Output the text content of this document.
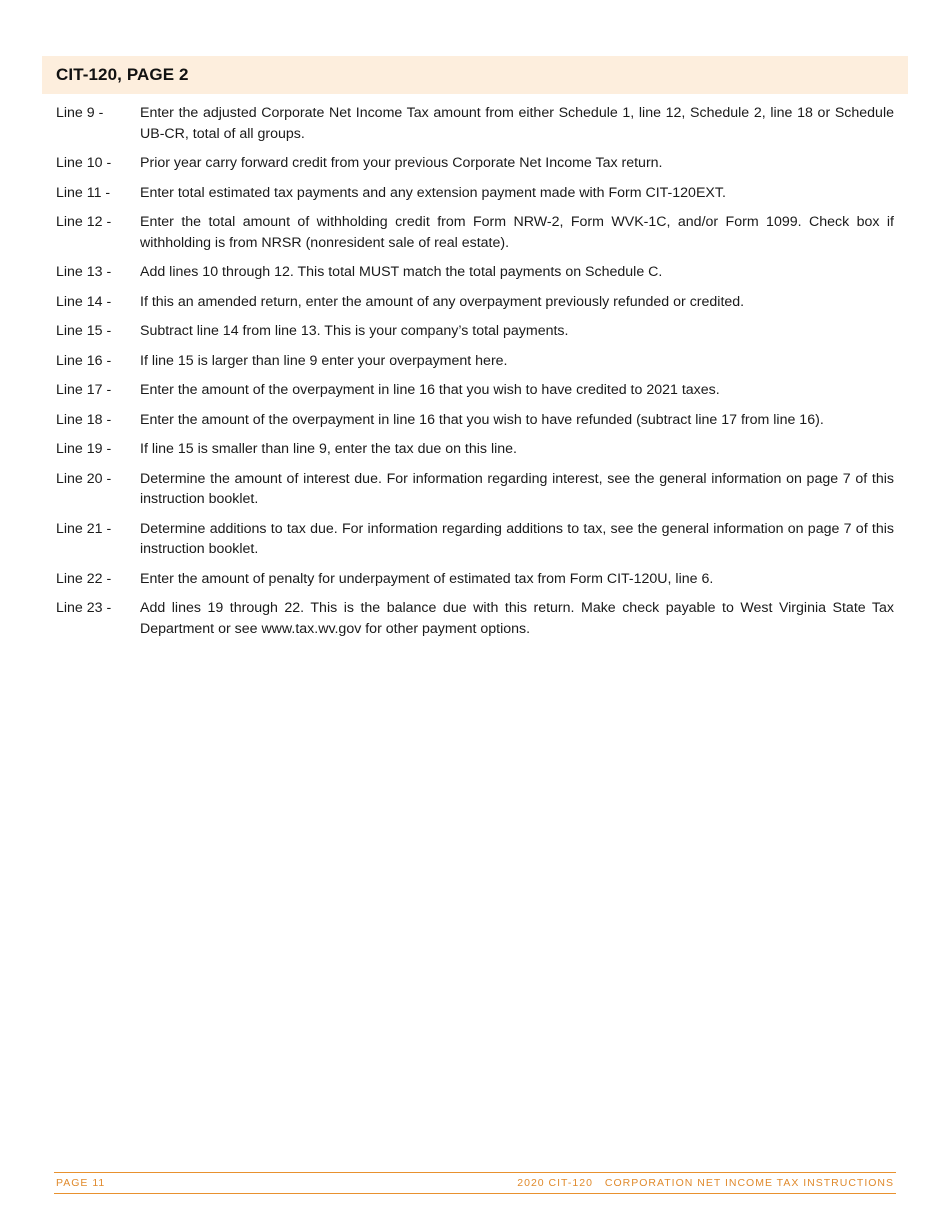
CIT-120, PAGE 2
Line 9 -	Enter the adjusted Corporate Net Income Tax amount from either Schedule 1, line 12, Schedule 2, line 18 or Schedule UB-CR, total of all groups.
Line 10 -	Prior year carry forward credit from your previous Corporate Net Income Tax return.
Line 11 -	Enter total estimated tax payments and any extension payment made with Form CIT-120EXT.
Line 12 -	Enter the total amount of withholding credit from Form NRW-2, Form WVK-1C, and/or Form 1099. Check box if withholding is from NRSR (nonresident sale of real estate).
Line 13 -	Add lines 10 through 12. This total MUST match the total payments on Schedule C.
Line 14 -	If this an amended return, enter the amount of any overpayment previously refunded or credited.
Line 15 -	Subtract line 14 from line 13. This is your company’s total payments.
Line 16 -	If line 15 is larger than line 9 enter your overpayment here.
Line 17 -	Enter the amount of the overpayment in line 16 that you wish to have credited to 2021 taxes.
Line 18 -	Enter the amount of the overpayment in line 16 that you wish to have refunded (subtract line 17 from line 16).
Line 19 -	If line 15 is smaller than line 9, enter the tax due on this line.
Line 20 -	Determine the amount of interest due. For information regarding interest, see the general information on page 7 of this instruction booklet.
Line 21 -	Determine additions to tax due. For information regarding additions to tax, see the general information on page 7 of this instruction booklet.
Line 22 -	Enter the amount of penalty for underpayment of estimated tax from Form CIT-120U, line 6.
Line 23 -	Add lines 19 through 22. This is the balance due with this return. Make check payable to West Virginia State Tax Department or see www.tax.wv.gov for other payment options.
PAGE 11	2020 CIT-120 CORPORATION NET INCOME TAX INSTRUCTIONS
